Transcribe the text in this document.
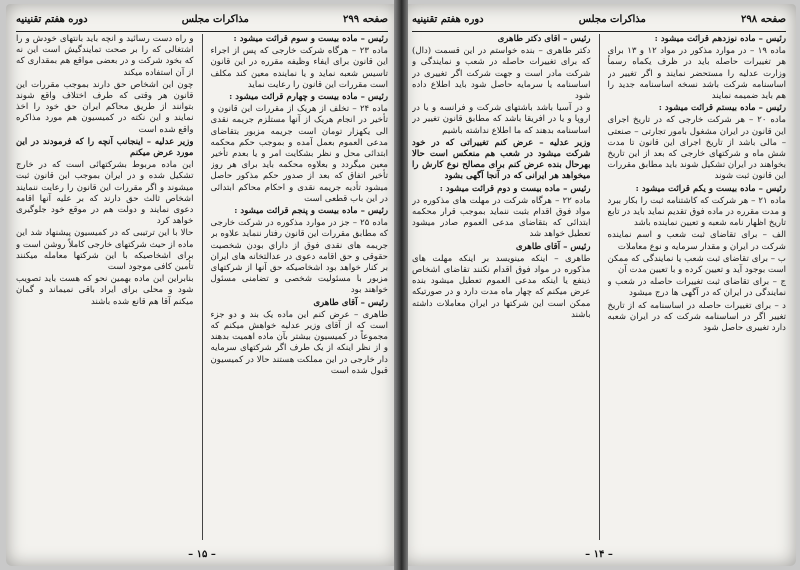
صفحه ۲۹۹
مذاکرات مجلس
دوره هفتم تقنينیه

رئيس – ماده بيست و سوم قرائت ميشود :

ماده ۲۳ – هرگاه شرکت خارجی که پس از اجراء اين قانون برای ايفاء وظيفه مقرره در اين قانون تاسيس شعبه نمايد و يا نماينده معين کند مکلف است مقررات اين قانون را رعايت نمايد

رئيس – ماده بيست و چهارم قرائت ميشود :

ماده ۲۴ – تخلف از هريک از مقررات اين قانون و تأخير در انجام هريک از آنها مستلزم جريمه نقدی الی يکهزار تومان است جريمه مزبور بتقاضای مدعی العموم بعمل آمده و بموجب حکم محکمه ابتدائی محل و نظر بشکايت امر و يا بعدم تأخير معين ميگردد و بعلاوه محکمه بايد برای هر روز تأخير اتفاق که بعد از صدور حکم مذکور حاصل ميشود تأديه جريمه نقدی و احکام محاکم ابتدائی در اين باب قطعی است

رئيس – ماده بيست و پنجم قرائت ميشود :

ماده ۲۵ – جز در موارد مذکوره در شرکت خارجی که مطابق مقررات اين قانون رفتار ننمايد علاوه بر جريمه های نقدی فوق از داراي بودن شخصيت حقوقی و حق اقامه دعوی در عدالتخانه های ايران بر کنار خواهد بود اشخاصيکه حق آنها از شرکتهای مزبور با مسئوليت شخصی و تضامنی مسئول خواهند بود

رئيس – آقای طاهری

طاهری – عرض کنم اين ماده يک بند و دو جزء است که از آقای وزير عدليه خواهش ميکنم که مجموعاً در کميسيون بيشتر بآن ماده اهميت بدهند و از نظر اينکه از يک طرف اگر شرکتهای سرمايه دار خارجی در اين مملکت هستند حالا در کميسيون قبول شده است

و راه دست رسائيد و آنچه بايد بانتهای خودش و را اشتغالی که را بر صحت تمايندگيش است اين نه که بخود شرکت و در بعضی مواقع هم بمقداری که از آن استفاده ميکند

چون اين اشخاص حق دارند بموجب مقررات اين قانون هر وقتی که طرف اختلاف واقع شوند بتوانند از طريق محاکم ايران حق خود را اخذ نمايند و اين نکته در کميسيون هم مورد مذاکره واقع شده است

وزير عدليه – اينجانب آنچه را که فرمودند در اين مورد عرض ميکنم

اين ماده مربوط بشرکتهائی است که در خارج تشکيل شده و در ايران بموجب اين قانون ثبت ميشوند و اگر مقررات اين قانون را رعايت ننمايند اشخاص ثالث حق دارند که بر عليه آنها اقامه دعوی نمايند و دولت هم در موقع خود جلوگيری خواهد کرد

حالا با اين ترتيبی که در کميسيون پيشنهاد شد اين ماده از حيث شرکتهای خارجی کاملاً روشن است و برای اشخاصيکه با اين شرکتها معامله ميکنند تأمين کافی موجود است

بنابراين اين ماده بهمين نحو که هست بايد تصويب شود و محلی برای ايراد باقی نميماند و گمان ميکنم آقا هم قانع شده باشند

– ۱۵ –
صفحه ۲۹۸
مذاکرات مجلس
دوره هفتم تقنينیه

رئيس – ماده نوزدهم قرائت ميشود :

ماده ۱۹ – در موارد مذکور در مواد ۱۲ و ۱۳ برای هر تغييرات حاصله بايد در ظرف يکماه رسماً وزارت عدليه را مستحضر نمايند و اگر تغيير در اساسنامه شرکت باشد نسخه اساسنامه جديد را هم بايد ضميمه نمايند

رئيس – ماده بيستم قرائت ميشود :

ماده ۲۰ – هر شرکت خارجی که در تاريخ اجرای اين قانون در ايران مشغول بامور تجارتی – صنعتی – مالی باشد از تاريخ اجرای اين قانون تا مدت شش ماه و شرکتهای خارجی که بعد از اين تاريخ بخواهند در ايران تشکيل شوند بايد مطابق مقررات اين قانون ثبت شوند

رئيس – ماده بيست و يکم قرائت ميشود :

ماده ۲۱ – هر شرکت که کاشتنامه ثبت را بکار ببرد و مدت مقرره در ماده فوق تقديم نمايد بايد در تابع تاريخ اظهار نامه شعبه و تعيين نماينده باشد

الف – برای تقاضای ثبت شعب و اسم نماينده شرکت در ايران و مقدار سرمايه و نوع معاملات

ب – برای تقاضای ثبت شعب يا نمايندگی که ممکن است بوجود آيد و تعيين کرده و با تعيين مدت آن

ج – برای تقاضای ثبت تغييرات حاصله در شعب و نمايندگی در ايران که در آگهی ها درج ميشود

د – برای تغييرات حاصله در اساسنامه که از تاريخ تغيير اگر در اساسنامه شرکت که در ايران شعبه دارد تغييری حاصل شود

رئيس – آقای دکتر طاهری

دکتر طاهری – بنده خواستم در اين قسمت (دال) که برای تغييرات حاصله در شعب و نمايندگی و شرکت مادر است و جهت شرکت اگر تغييری در اساسنامه يا سرمايه حاصل شود بايد اطلاع داده شود

و در آسيا باشد باشتهای شرکت و فرانسه و يا در اروپا و يا در افريقا باشد که مطابق قانون تغيير در اساسنامه بدهند که ما اطلاع نداشته باشيم

وزير عدليه – عرض کنم تغييراتی که در خود شرکت ميشود در شعب هم منعکس است حالا بهرحال بنده عرض کنم برای مصالح نوع کارش را ميخواهد هر ايرانی که در آنجا آگهی بشود

رئيس – ماده بيست و دوم قرائت ميشود :

ماده ۲۲ – هرگاه شرکت در مهلت های مذکوره در مواد فوق اقدام بثبت ننمايد بموجب قرار محکمه ابتدائی که بتقاضای مدعی العموم صادر ميشود تعطيل خواهد شد

رئيس – آقای طاهری

طاهری – اينکه مينويسد بر اينکه مهلت های مذکوره در مواد فوق اقدام نکنند تقاضای اشخاص ذينفع يا اينکه مدعی العموم تعطيل ميشود بنده عرض ميکنم که چهار ماه مدت دارد و در صورتيکه ممکن است اين شرکتها در ايران معاملات داشته باشند

– ۱۴ –
